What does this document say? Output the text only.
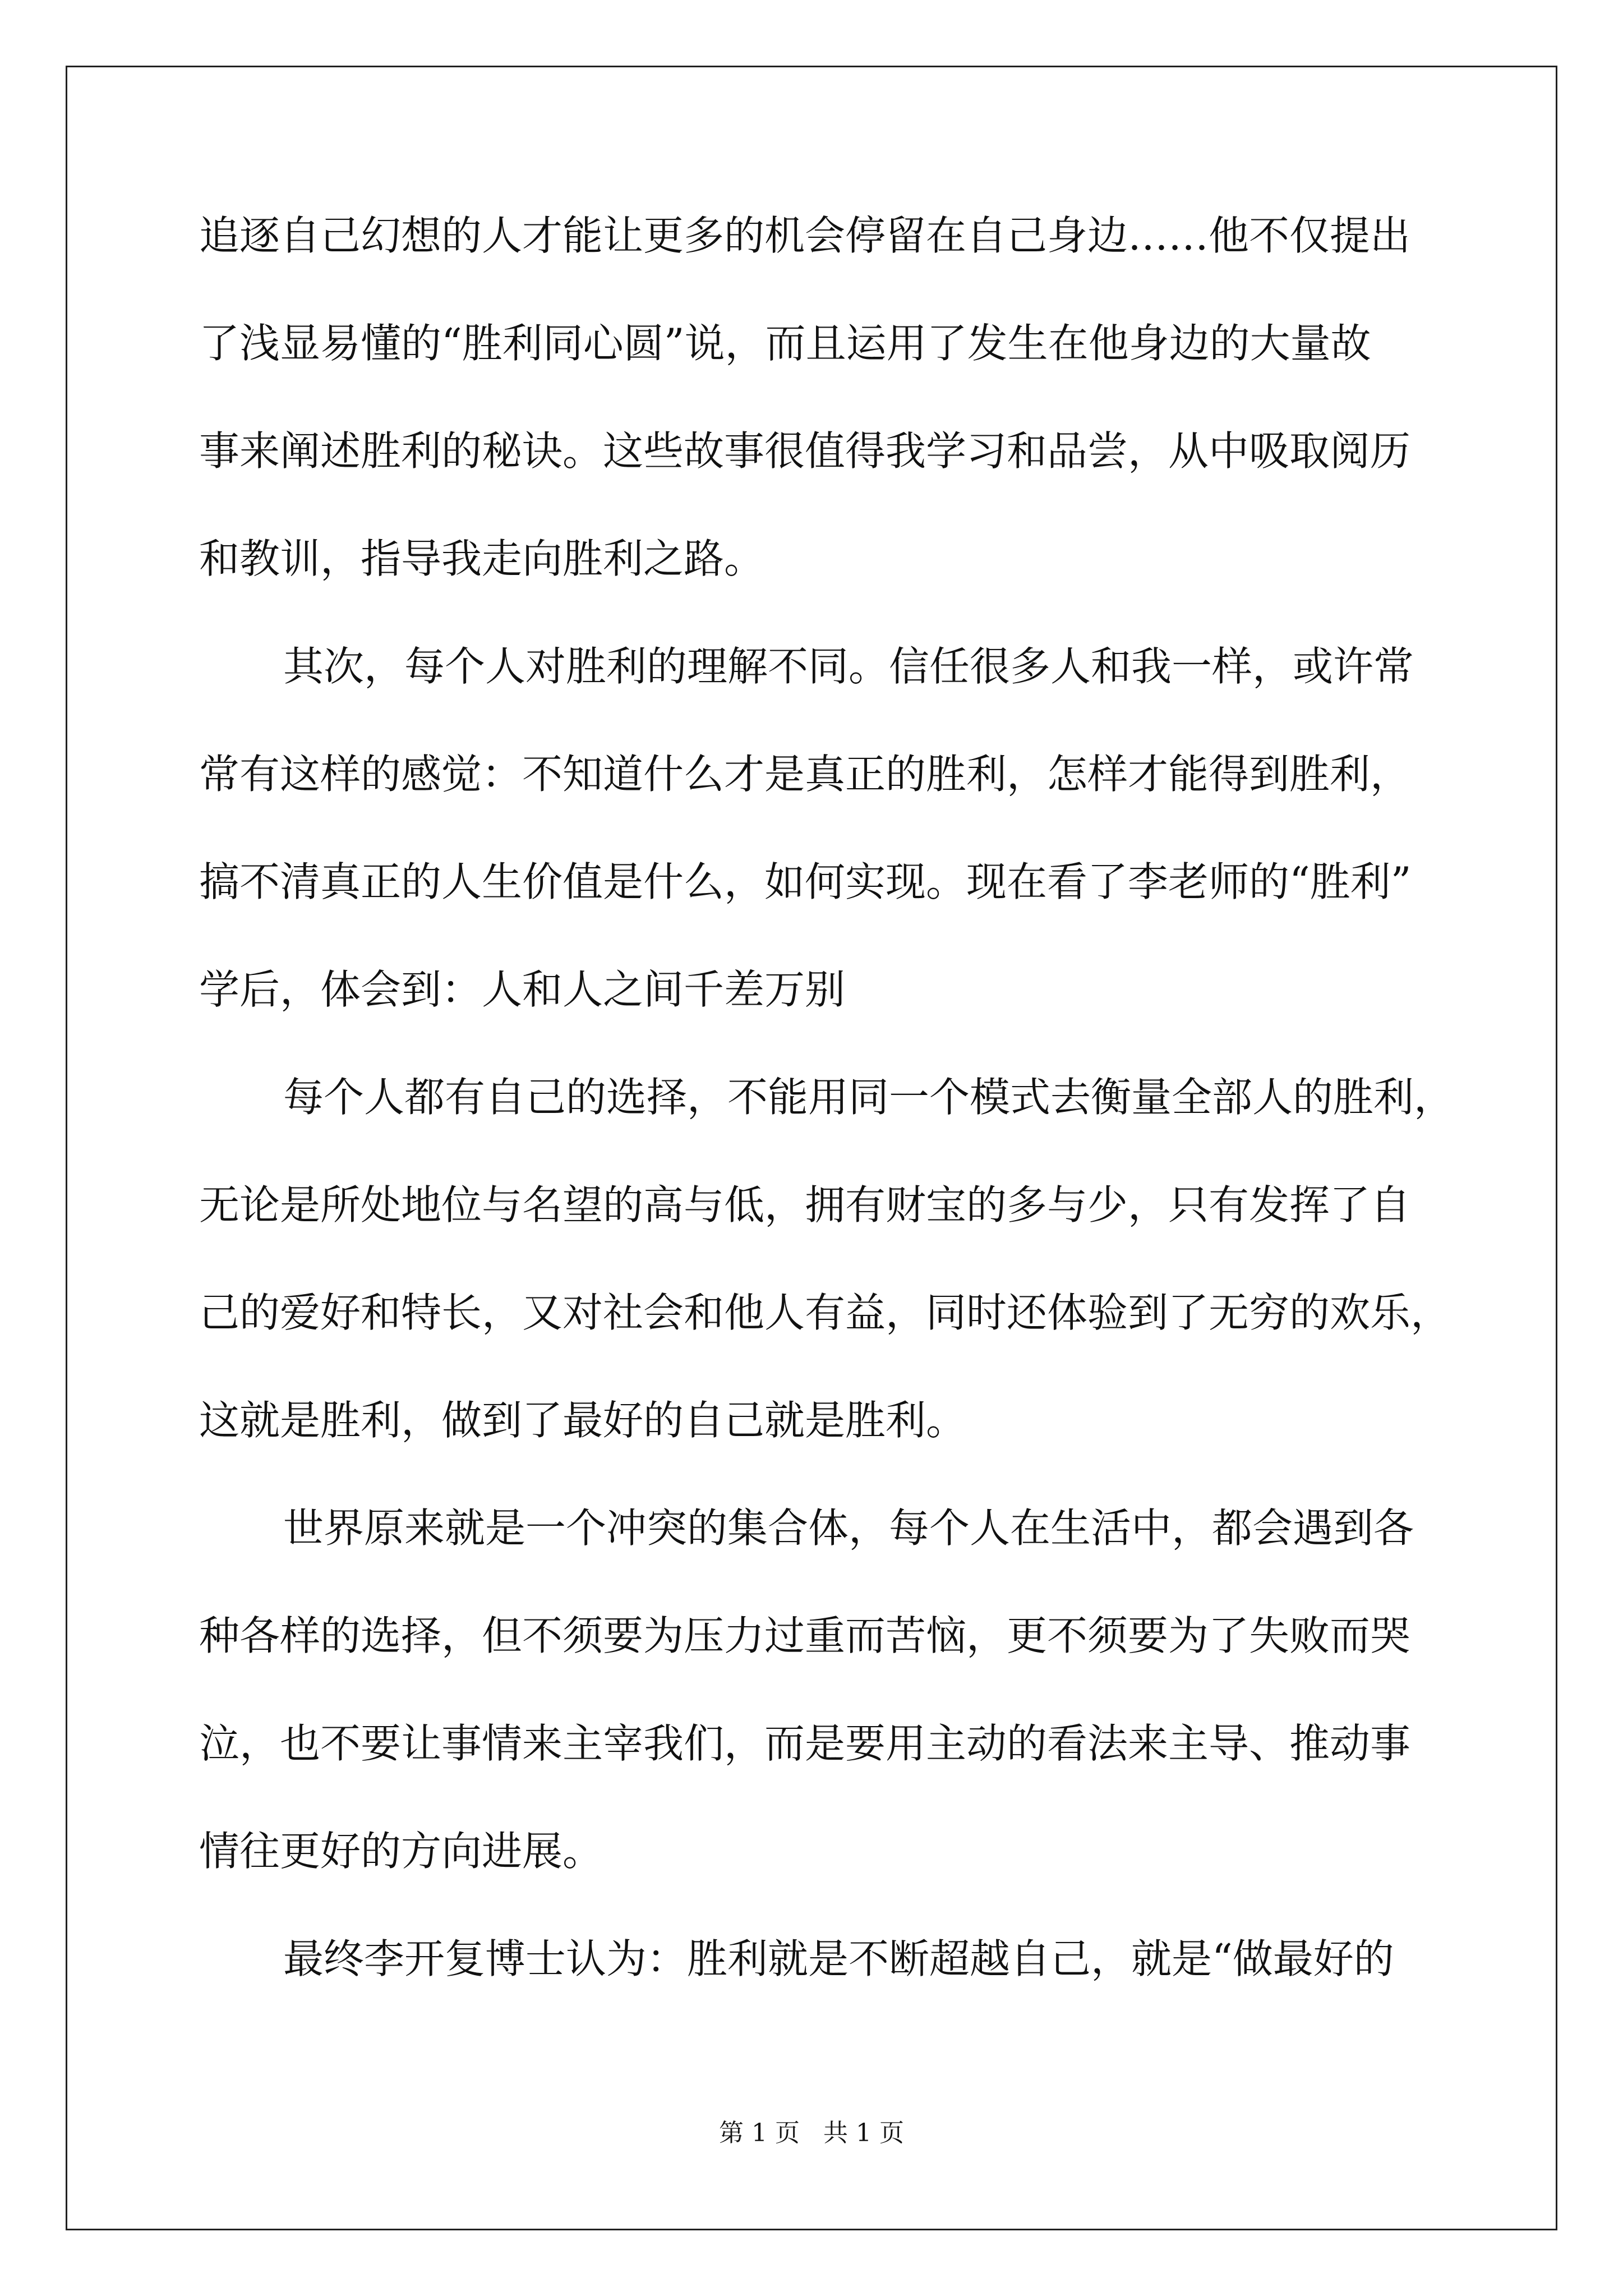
追逐自己幻想的人才能让更多的机会停留在自己身边……他不仅提出
了浅显易懂的“胜利同心圆”说，而且运用了发生在他身边的大量故
事来阐述胜利的秘诀。这些故事很值得我学习和品尝，从中吸取阅历
和教训，指导我走向胜利之路。
其次，每个人对胜利的理解不同。信任很多人和我一样，或许常
常有这样的感觉：不知道什么才是真正的胜利，怎样才能得到胜利，
搞不清真正的人生价值是什么，如何实现。现在看了李老师的“胜利”
学后，体会到：人和人之间千差万别
每个人都有自己的选择，不能用同一个模式去衡量全部人的胜利，
无论是所处地位与名望的高与低，拥有财宝的多与少，只有发挥了自
己的爱好和特长，又对社会和他人有益，同时还体验到了无穷的欢乐，
这就是胜利，做到了最好的自己就是胜利。
世界原来就是一个冲突的集合体，每个人在生活中，都会遇到各
种各样的选择，但不须要为压力过重而苦恼，更不须要为了失败而哭
泣，也不要让事情来主宰我们，而是要用主动的看法来主导、推动事
情往更好的方向进展。
最终李开复博士认为：胜利就是不断超越自己，就是“做最好的
第 1 页   共 1 页
